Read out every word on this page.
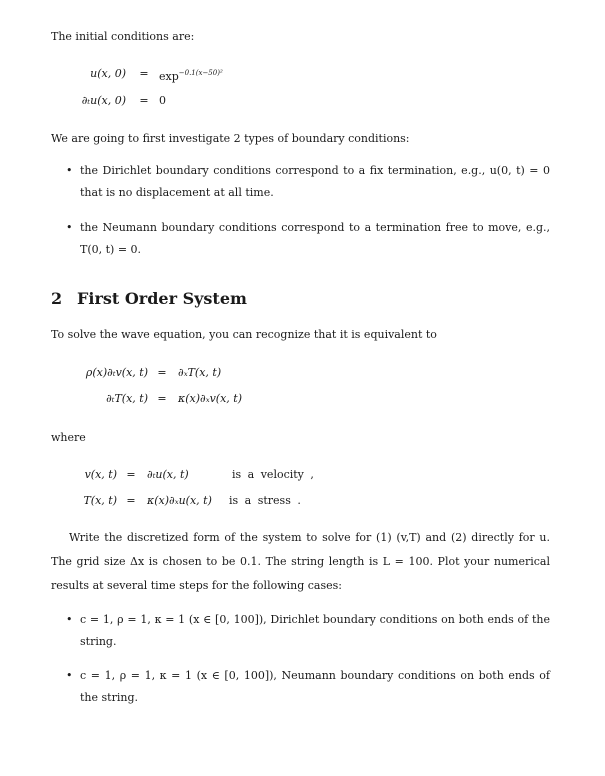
The initial conditions are:
u(x, $0) = \exp^{-0.1(x-50)^2}$
∂ₜu(x, 0) = 0
We are going to first investigate 2 types of boundary conditions:
• the Dirichlet boundary conditions correspond to a fix termination, e.g., u(0, t) = 0 that is no displacement at all time.
• the Neumann boundary conditions correspond to a termination free to move, e.g., T(0, t) = 0.
2 First Order System
To solve the wave equation, you can recognize that it is equivalent to
ρ(x)∂ₜv(x, t) = ∂ₓT(x, t)
∂ₜT(x, t) = κ(x)∂ₓv(x, t)
where
v(x, t) = ∂ₜu(x, t)	is a velocity ,
T(x, t) = κ(x)∂ₓu(x, t) is a stress .
Write the discretized form of the system to solve for (1) (v,T) and (2) directly for u. The grid size Δx is chosen to be 0.1. The string length is L = 100. Plot your numerical results at several time steps for the following cases:
• c = 1, ρ = 1, κ = 1 (x ∈ [0, 100]), Dirichlet boundary conditions on both ends of the string.
• c = 1, ρ = 1, κ = 1 (x ∈ [0, 100]), Neumann boundary conditions on both ends of the string.
